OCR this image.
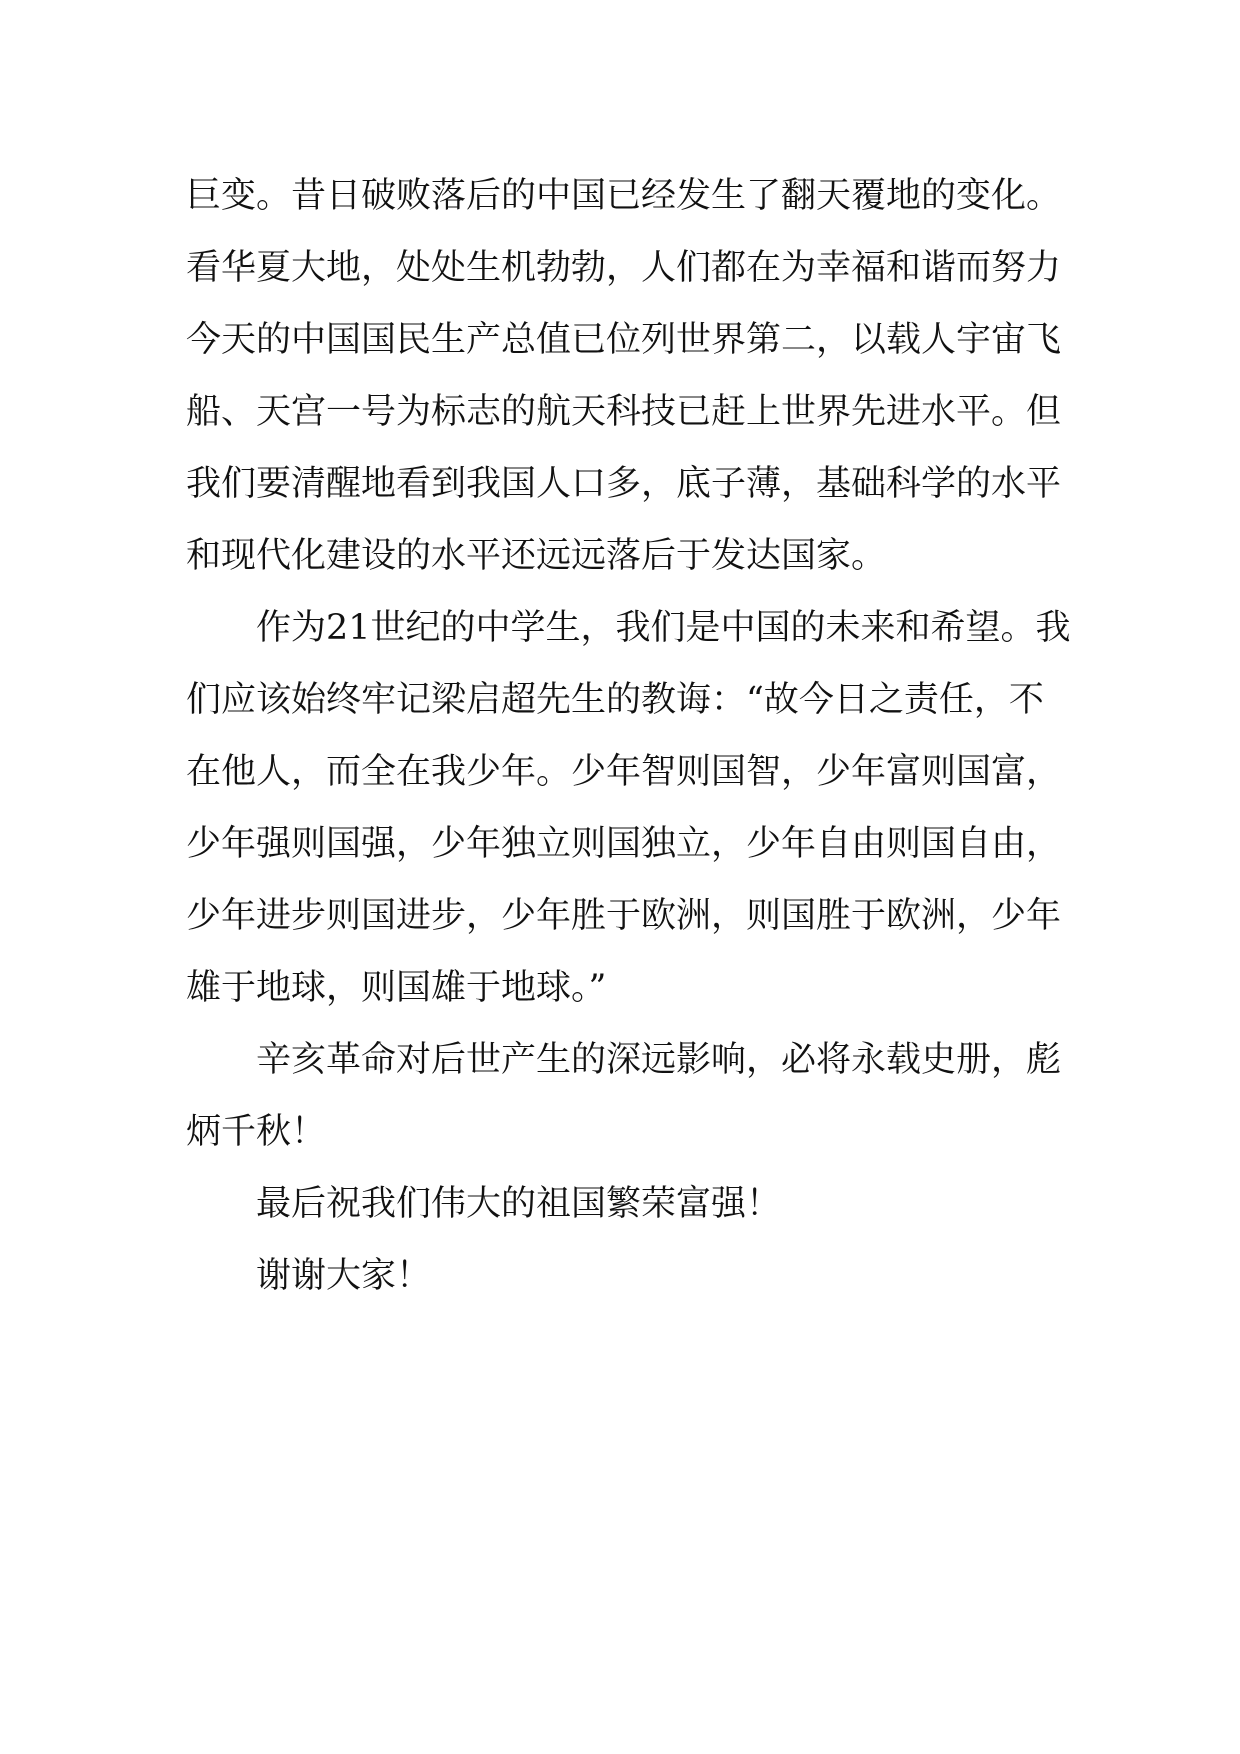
巨变。昔日破败落后的中国已经发生了翻天覆地的变化。
看华夏大地，处处生机勃勃，人们都在为幸福和谐而努力
今天的中国国民生产总值已位列世界第二，以载人宇宙飞
船、天宫一号为标志的航天科技已赶上世界先进水平。但
我们要清醒地看到我国人口多，底子薄，基础科学的水平
和现代化建设的水平还远远落后于发达国家。
作为21世纪的中学生，我们是中国的未来和希望。我
们应该始终牢记梁启超先生的教诲：“故今日之责任，不
在他人，而全在我少年。少年智则国智，少年富则国富，
少年强则国强，少年独立则国独立，少年自由则国自由，
少年进步则国进步，少年胜于欧洲，则国胜于欧洲，少年
雄于地球，则国雄于地球。”
辛亥革命对后世产生的深远影响，必将永载史册，彪
炳千秋！
最后祝我们伟大的祖国繁荣富强！
谢谢大家！
